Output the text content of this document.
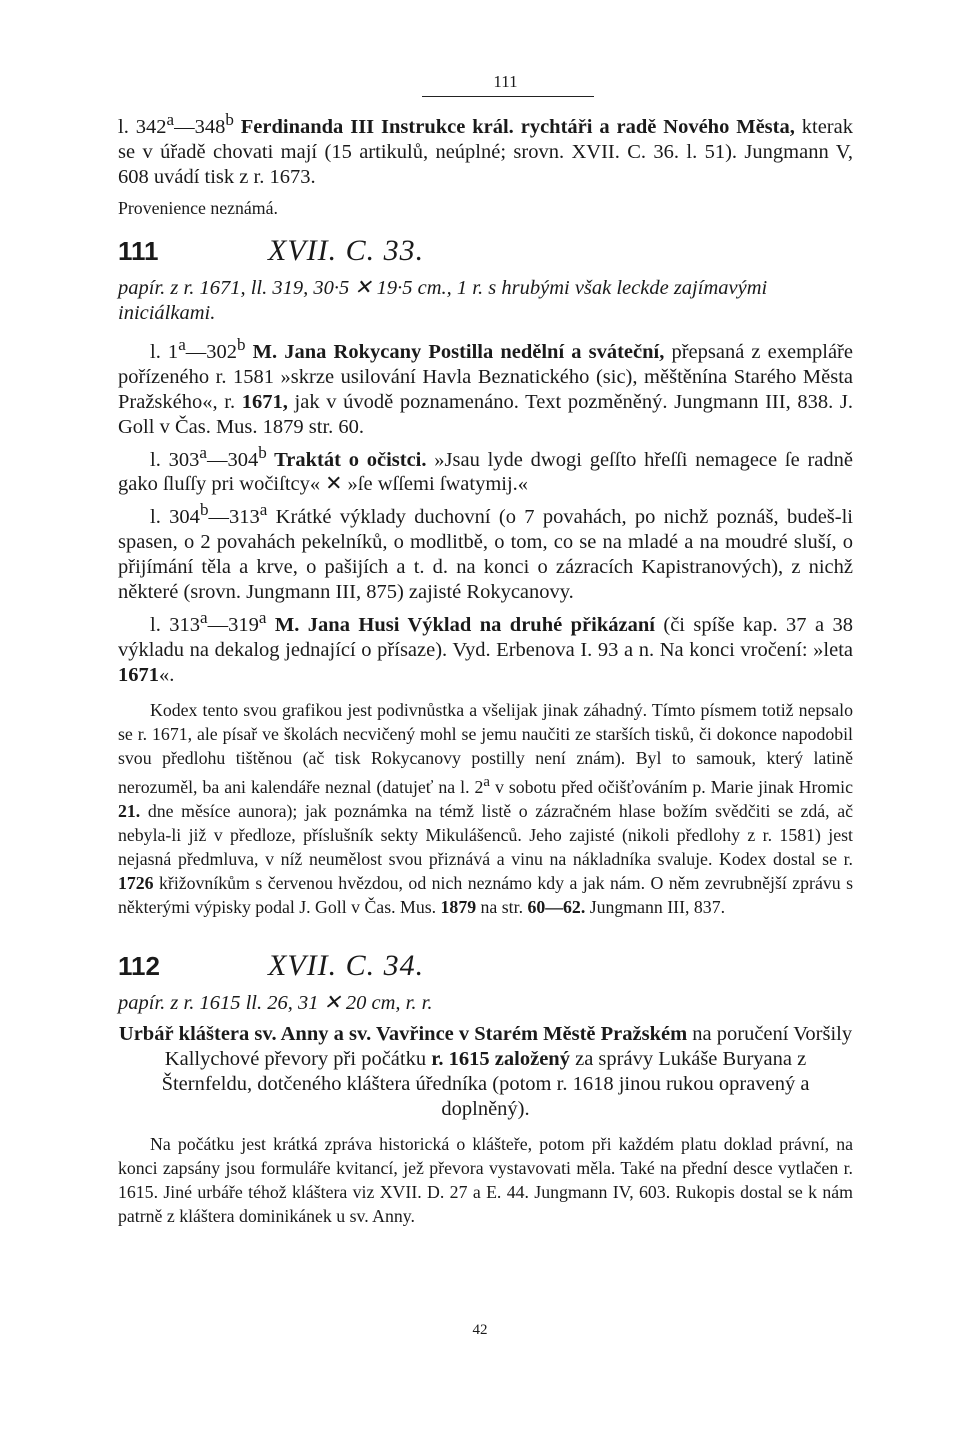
111

l. 342$^a$—348$^b$ Ferdinanda III Instrukce král. rychtáři a radě Nového Města, kterak se v úřadě chovati mají (15 artikulů, neúplné; srovn. XVII. C. 36. l. 51). Jungmann V, 608 uvádí tisk z r. 1673.

Provenience neznámá.

111	XVII. C. 33.

papír. z r. 1671, ll. 319, 30·5 ✕ 19·5 cm., 1 r. s hrubými však leckde zajímavými iniciálkami.

l. 1$^a$—302$^b$ M. Jana Rokycany Postilla nedělní a sváteční, přepsaná z exempláře pořízeného r. 1581 »skrze usilování Havla Beznatického (sic), měštěnína Starého Města Pražského«, r. 1671, jak v úvodě poznamenáno. Text pozměněný. Jungmann III, 838. J. Goll v Čas. Mus. 1879 str. 60.

l. 303$^a$—304$^b$ Traktát o očistci. »Jsau lyde dwogi geſſto hřeſſi nemagece ſe radně gako ſluſſy pri wočiſtcy« ✕ »ſe wſſemi ſwatymij.«

l. 304$^b$—313$^a$ Krátké výklady duchovní (o 7 povahách, po nichž poznáš, budeš-li spasen, o 2 povahách pekelníků, o modlitbě, o tom, co se na mladé a na moudré sluší, o přijímání těla a krve, o pašijích a t. d. na konci o zázracích Kapistranových), z nichž některé (srovn. Jungmann III, 875) zajisté Rokycanovy.

l. 313$^a$—319$^a$ M. Jana Husi Výklad na druhé přikázaní (či spíše kap. 37 a 38 výkladu na dekalog jednající o přísaze). Vyd. Erbenova I. 93 a n. Na konci vročení: »leta 1671«.

Kodex tento svou grafikou jest podivnůstka a všelijak jinak záhadný. Tímto písmem totiž nepsalo se r. 1671, ale písař ve školách necvičený mohl se jemu naučiti ze starších tisků, či dokonce napodobil svou předlohu tištěnou (ač tisk Rokycanovy postilly není znám). Byl to samouk, který latině nerozuměl, ba ani kalendáře neznal (datujeť na l. 2$^a$ v sobotu před očišťováním p. Marie jinak Hromic 21. dne měsíce aunora); jak poznámka na témž listě o zázračném hlase božím svědčiti se zdá, ač nebyla-li již v předloze, příslušník sekty Mikulášenců. Jeho zajisté (nikoli předlohy z r. 1581) jest nejasná předmluva, v níž neumělost svou přiznává a vinu na nákladníka svaluje. Kodex dostal se r. 1726 křižovníkům s červenou hvězdou, od nich neznámo kdy a jak nám. O něm zevrubnější zprávu s některými výpisky podal J. Goll v Čas. Mus. 1879 na str. 60—62. Jungmann III, 837.

112	XVII. C. 34.

papír. z r. 1615 ll. 26, 31 ✕ 20 cm, r. r.

Urbář kláštera sv. Anny a sv. Vavřince v Starém Městě Pražském na poručení Voršily Kallychové převory při počátku r. 1615 založený za správy Lukáše Buryana z Šternfeldu, dotčeného kláštera úředníka (potom r. 1618 jinou rukou opravený a doplněný).

Na počátku jest krátká zpráva historická o klášteře, potom při každém platu doklad právní, na konci zapsány jsou formuláře kvitancí, jež převora vystavovati měla. Také na přední desce vytlačen r. 1615. Jiné urbáře téhož kláštera viz XVII. D. 27 a E. 44. Jungmann IV, 603. Rukopis dostal se k nám patrně z kláštera dominikánek u sv. Anny.

42
